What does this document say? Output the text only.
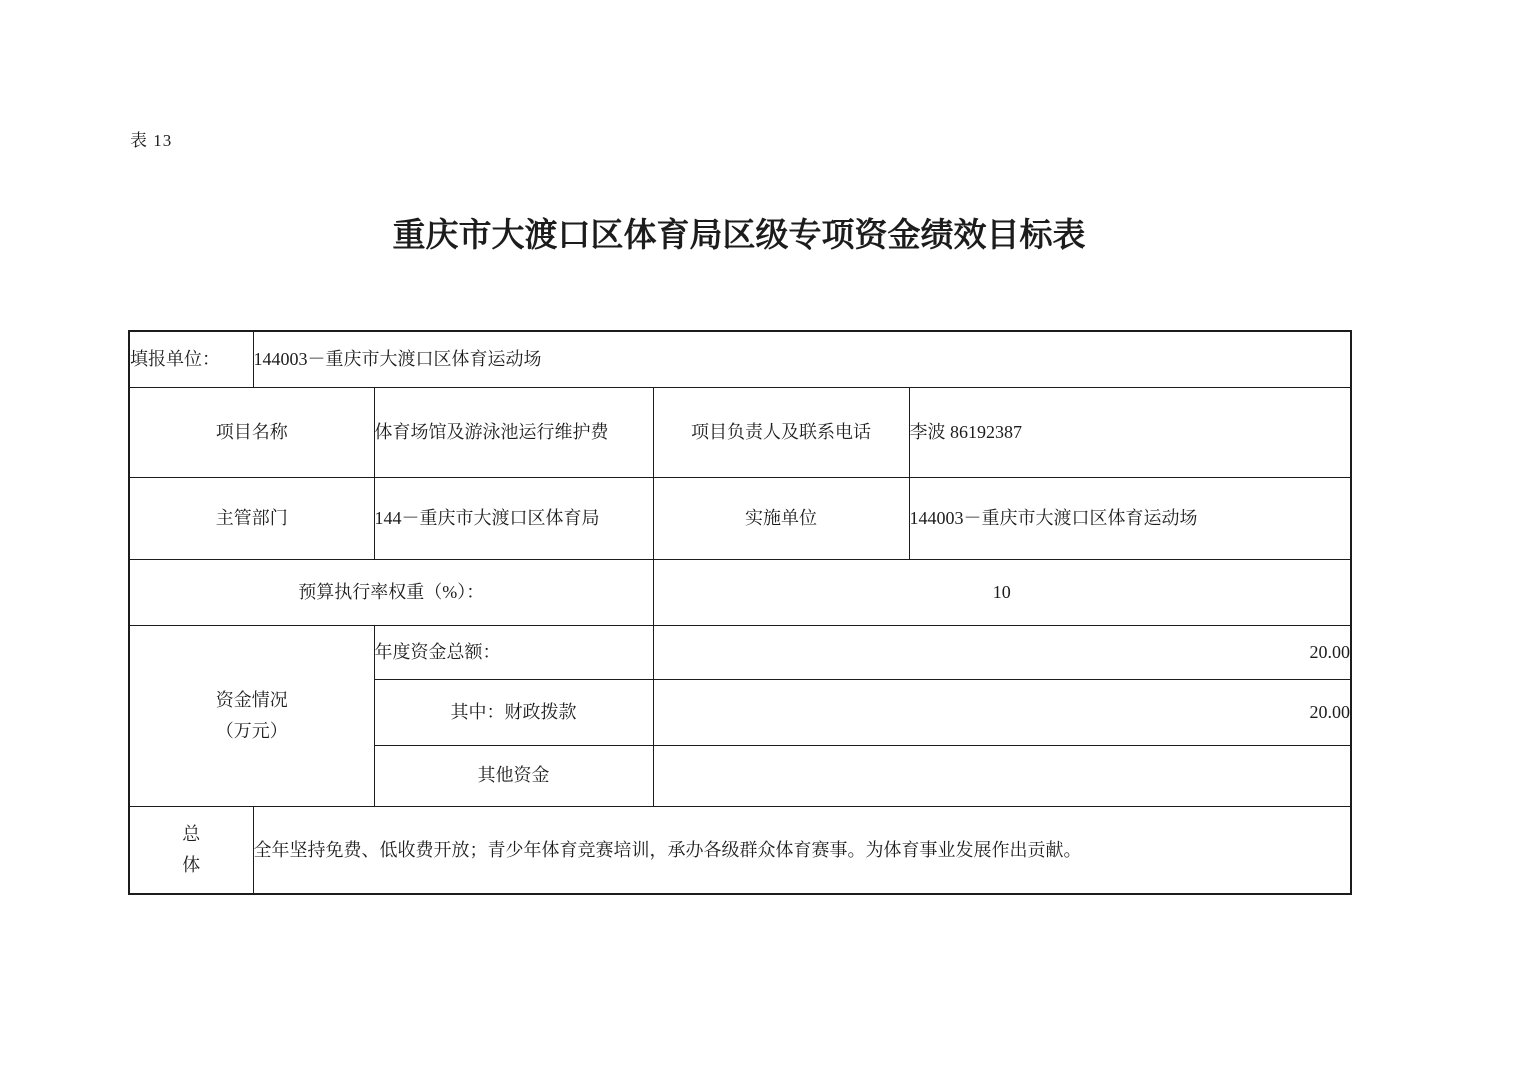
表 13
重庆市大渡口区体育局区级专项资金绩效目标表
填报单位：	144003－重庆市大渡口区体育运动场			
项目名称		体育场馆及游泳池运行维护费	项目负责人及联系电话	李波 86192387
主管部门		144－重庆市大渡口区体育局	实施单位	144003－重庆市大渡口区体育运动场
预算执行率权重（%）：			10	

资金情况
（万元）		年度资金总额：	20.00	
		其中：财政拨款	20.00	
		其他资金		

总
体	全年坚持免费、低收费开放；青少年体育竞赛培训，承办各级群众体育赛事。为体育事业发展作出贡献。			
